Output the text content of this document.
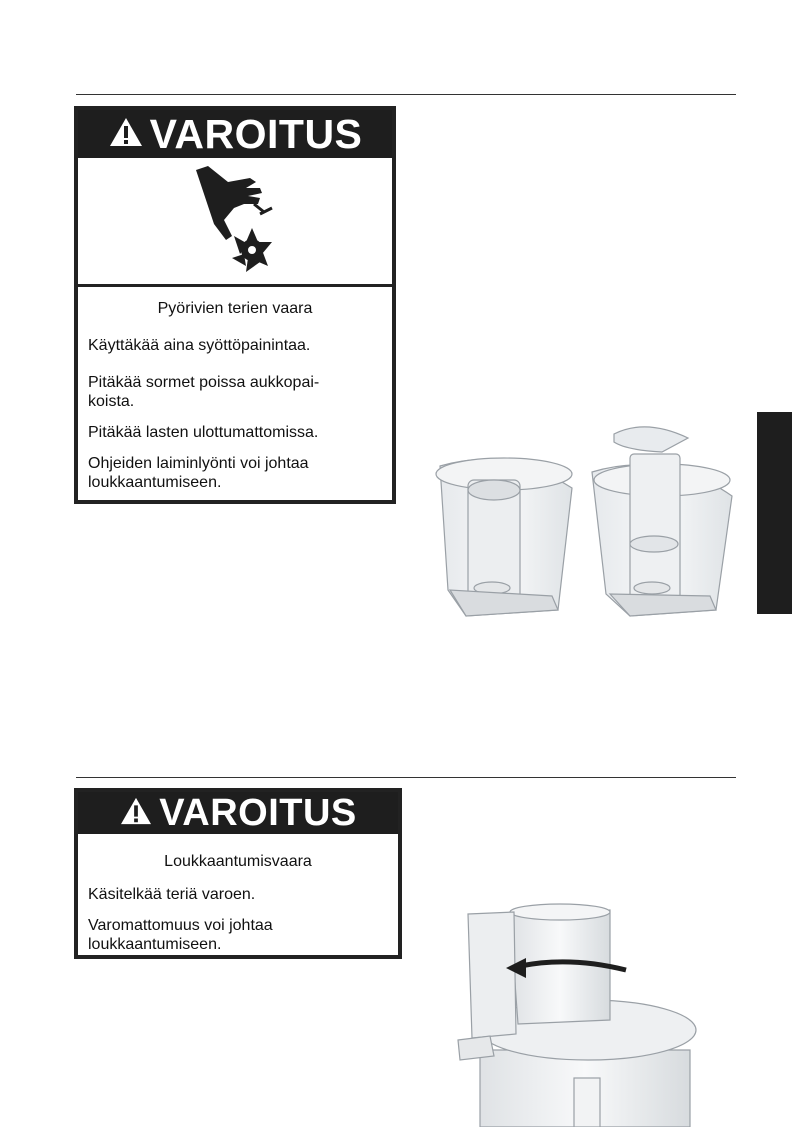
VAROITUS
Pyörivien terien vaara

Käyttäkää aina syöttöpainintaa.

Pitäkää sormet poissa aukkopai-
koista.

Pitäkää lasten ulottumattomissa.

Ohjeiden laiminlyönti voi johtaa
loukkaantumiseen.

VAROITUS
Loukkaantumisvaara

Käsitelkää teriä varoen.

Varomattomuus voi johtaa
loukkaantumiseen.
